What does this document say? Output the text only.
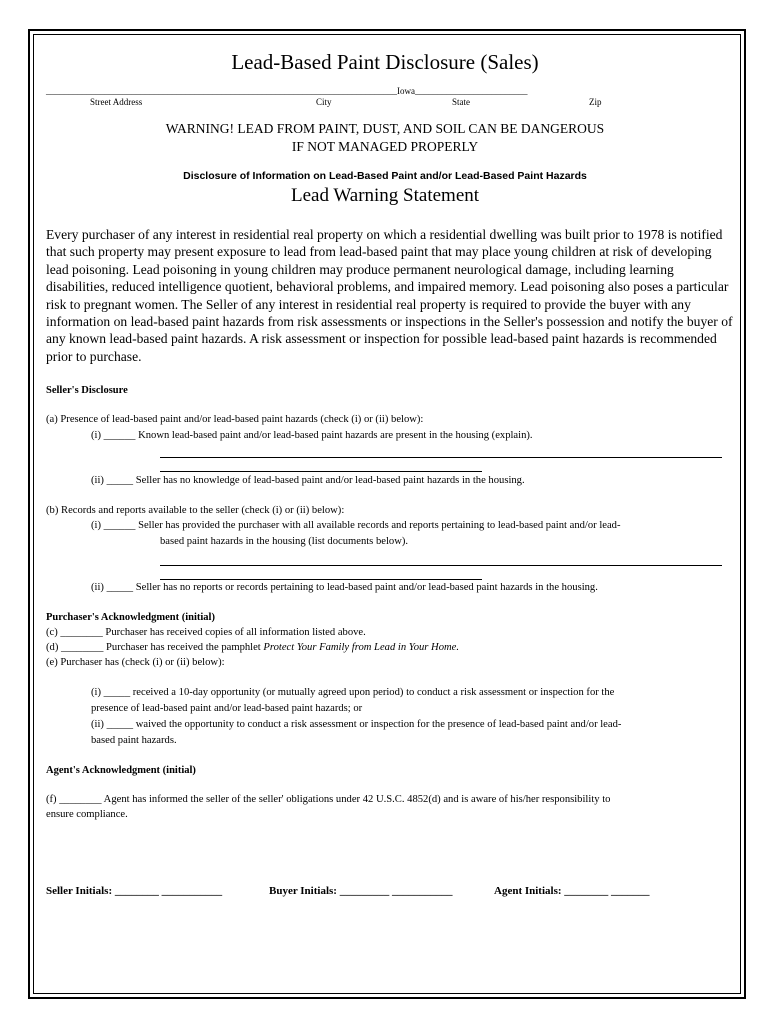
Lead-Based Paint Disclosure (Sales)
______________________________________________________________________________Iowa_________________________
Street Address	City	State	Zip
WARNING! LEAD FROM PAINT, DUST, AND SOIL CAN BE DANGEROUS
IF NOT MANAGED PROPERLY
Disclosure of Information on Lead-Based Paint and/or Lead-Based Paint Hazards
Lead Warning Statement
Every purchaser of any interest in residential real property on which a residential dwelling was built prior to 1978 is notified that such property may present exposure to lead from lead-based paint that may place young children at risk of developing lead poisoning. Lead poisoning in young children may produce permanent neurological damage, including learning disabilities, reduced intelligence quotient, behavioral problems, and impaired memory. Lead poisoning also poses a particular risk to pregnant women. The Seller of any interest in residential real property is required to provide the buyer with any information on lead-based paint hazards from risk assessments or inspections in the Seller's possession and notify the buyer of any known lead-based paint hazards. A risk assessment or inspection for possible lead-based paint hazards is recommended prior to purchase.
Seller's Disclosure
(a) Presence of lead-based paint and/or lead-based paint hazards (check (i) or (ii) below):
(i) ______ Known lead-based paint and/or lead-based paint hazards are present in the housing (explain).
(ii) _____ Seller has no knowledge of lead-based paint and/or lead-based paint hazards in the housing.
(b) Records and reports available to the seller (check (i) or (ii) below):
(i) ______ Seller has provided the purchaser with all available records and reports pertaining to lead-based paint and/or lead-
based paint hazards in the housing (list documents below).
(ii) _____ Seller has no reports or records pertaining to lead-based paint and/or lead-based paint hazards in the housing.
Purchaser's Acknowledgment (initial)
(c) ________ Purchaser has received copies of all information listed above.
(d) ________ Purchaser has received the pamphlet Protect Your Family from Lead in Your Home.
(e) Purchaser has (check (i) or (ii) below):
(i) _____ received a 10-day opportunity (or mutually agreed upon period) to conduct a risk assessment or inspection for the
presence of lead-based paint and/or lead-based paint hazards; or
(ii) _____ waived the opportunity to conduct a risk assessment or inspection for the presence of lead-based paint and/or lead-
based paint hazards.
Agent's Acknowledgment (initial)
(f) ________ Agent has informed the seller of the seller' obligations under 42 U.S.C. 4852(d) and is aware of his/her responsibility to
ensure compliance.
Seller Initials: ________ ___________	Buyer Initials: _________ ___________	Agent Initials: ________ _______
